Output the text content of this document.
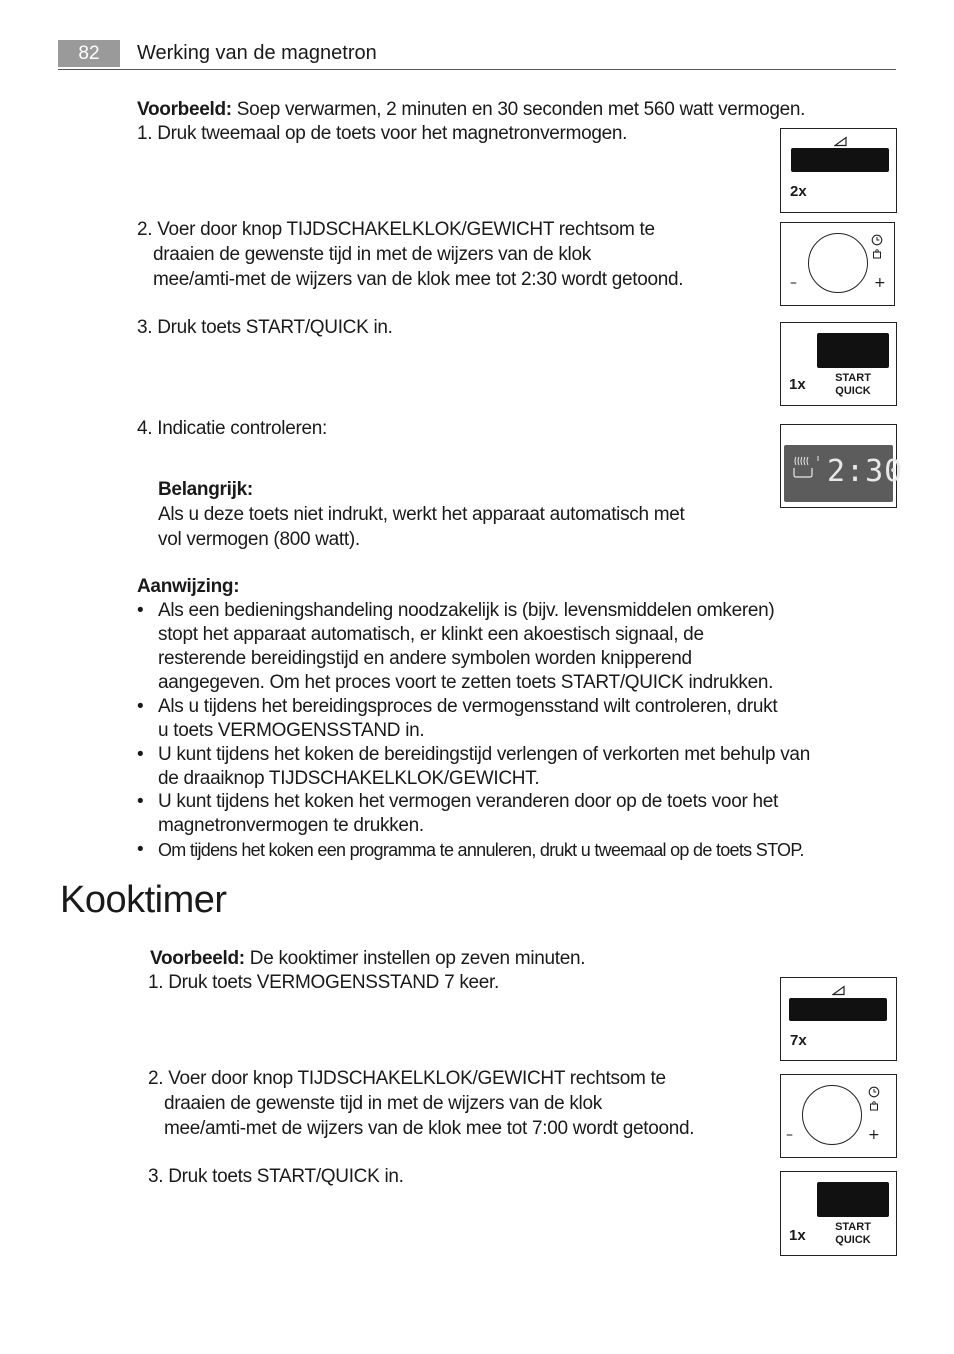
82	Werking van de magnetron
Voorbeeld: Soep verwarmen, 2 minuten en 30 seconden met 560 watt vermogen.
1. Druk tweemaal op de toets voor het magnetronvermogen.
2. Voer door knop TIJDSCHAKELKLOK/GEWICHT rechtsom te
draaien de gewenste tijd in met de wijzers van de klok
mee/amti-met de wijzers van de klok mee tot 2:30 wordt getoond.
3. Druk toets START/QUICK in.
4. Indicatie controleren:
Belangrijk:
Als u deze toets niet indrukt, werkt het apparaat automatisch met
vol vermogen (800 watt).
Aanwijzing:
• Als een bedieningshandeling noodzakelijk is (bijv. levensmiddelen omkeren)
stopt het apparaat automatisch, er klinkt een akoestisch signaal, de
resterende bereidingstijd en andere symbolen worden knipperend
aangegeven. Om het proces voort te zetten toets START/QUICK indrukken.
• Als u tijdens het bereidingsproces de vermogensstand wilt controleren, drukt
u toets VERMOGENSSTAND in.
• U kunt tijdens het koken de bereidingstijd verlengen of verkorten met behulp van
de draaiknop TIJDSCHAKELKLOK/GEWICHT.
• U kunt tijdens het koken het vermogen veranderen door op de toets voor het
magnetronvermogen te drukken.
• Om tijdens het koken een programma te annuleren, drukt u tweemaal op de toets STOP.
Kooktimer
Voorbeeld: De kooktimer instellen op zeven minuten.
1. Druk toets VERMOGENSSTAND 7 keer.
2. Voer door knop TIJDSCHAKELKLOK/GEWICHT rechtsom te
draaien de gewenste tijd in met de wijzers van de klok
mee/amti-met de wijzers van de klok mee tot 7:00 wordt getoond.
3. Druk toets START/QUICK in.
2x
–	+
1x	START
QUICK
2:30
7x
–	+
1x	START
QUICK
